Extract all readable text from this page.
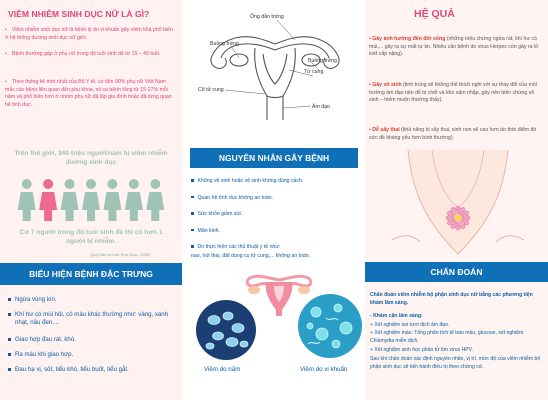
VIÊM NHIỄM SINH DỤC NỮ LÀ GÌ?
• Viêm nhiễm sinh dục nữ là bệnh lý do vi khuẩn gây viêm khá phổ biến ở hệ thống đường sinh dục nữ giới.
• Bệnh thường gặp ở phụ nữ trong độ tuổi sinh đẻ từ 15 – 49 tuổi.
• Theo thống kê mới nhất của Bộ Y tế, có đến 90% phụ nữ Việt Nam mắc các bệnh liên quan đến phụ khoa, số ca bệnh tăng từ 15-27% mỗi năm và phổ biến hơn ở nhóm phụ nữ đã lập gia đình hoặc đã từng quan hệ tình dục.
Trên thế giới, 340 triệu người/năm bị viêm nhiễm đường sinh dục
Cứ 7 người trong độ tuổi sinh đẻ thì có hơn 1 người bị nhiễm.
(Quỹ Dân số Liên Hợp Quốc, 2008)
BIỂU HIỆN BỆNH ĐẶC TRƯNG
Ngứa vùng kín.
Khí hư có mùi hôi, có màu khác thường như: vàng, xanh nhạt, nâu đen,...
Giao hợp đau rát, khó.
Ra máu khi giao hợp.
Đau hạ vị, sốt, tiểu khó, tiểu buốt, tiểu gắt.
Ống dẫn trứng
Buồng trứng
Buồng trứng
Tử cung
Cổ tử cung
Âm đạo
NGUYÊN NHÂN GÂY BỆNH
Không vệ sinh hoặc vệ sinh không đúng cách.
Quan hệ tình dục không an toàn.
Sức khỏe giảm sút.
Mãn kinh.
Do thực hiện các thủ thuật y tế như:
nạo, hút thai, đặt dụng cụ tử cung,... không an toàn.
Viêm do nấm	Viêm do vi khuẩn
HỆ QUẢ
• Gây ảnh hưởng đến đời sống (những triệu chứng ngứa rát, khí hư có mùi,... gây ra sự mất tự tin. Nhiều căn bệnh do virus Herpes còn gây ra lở loét cấp nặng).
• Gây vô sinh (tinh trùng sẽ không thể thích nghi với sự thay đổi của môi trường âm đạo nên dễ bị chết và khó xâm nhập, gây nên biến chứng vô sinh – hiếm muộn thường thấy).
• Dễ sẩy thai (khả năng bị sẩy thai, sinh non sẽ cao hơn do thời điểm đó sức đề kháng yếu hơn bình thường).
CHẨN ĐOÁN
Chẩn đoán viêm nhiễm bộ phận sinh dục nữ bằng các phương tiện khám lâm sàng.
- Khám cận lâm sàng:
+ Xét nghiệm soi tươi dịch âm đạo.
+ Xét nghiệm máu: Tổng phân tích tế bào máu, glucose, xét nghiệm Chlamydia miễn dịch.
+ Xét nghiệm sinh học phân tử tìm virus HPV.
Sau khi chẩn đoán xác định nguyên nhân, vị trí, mức độ của viêm nhiễm bộ phận sinh dục sẽ tiến hành điều trị theo chứng cứ.
